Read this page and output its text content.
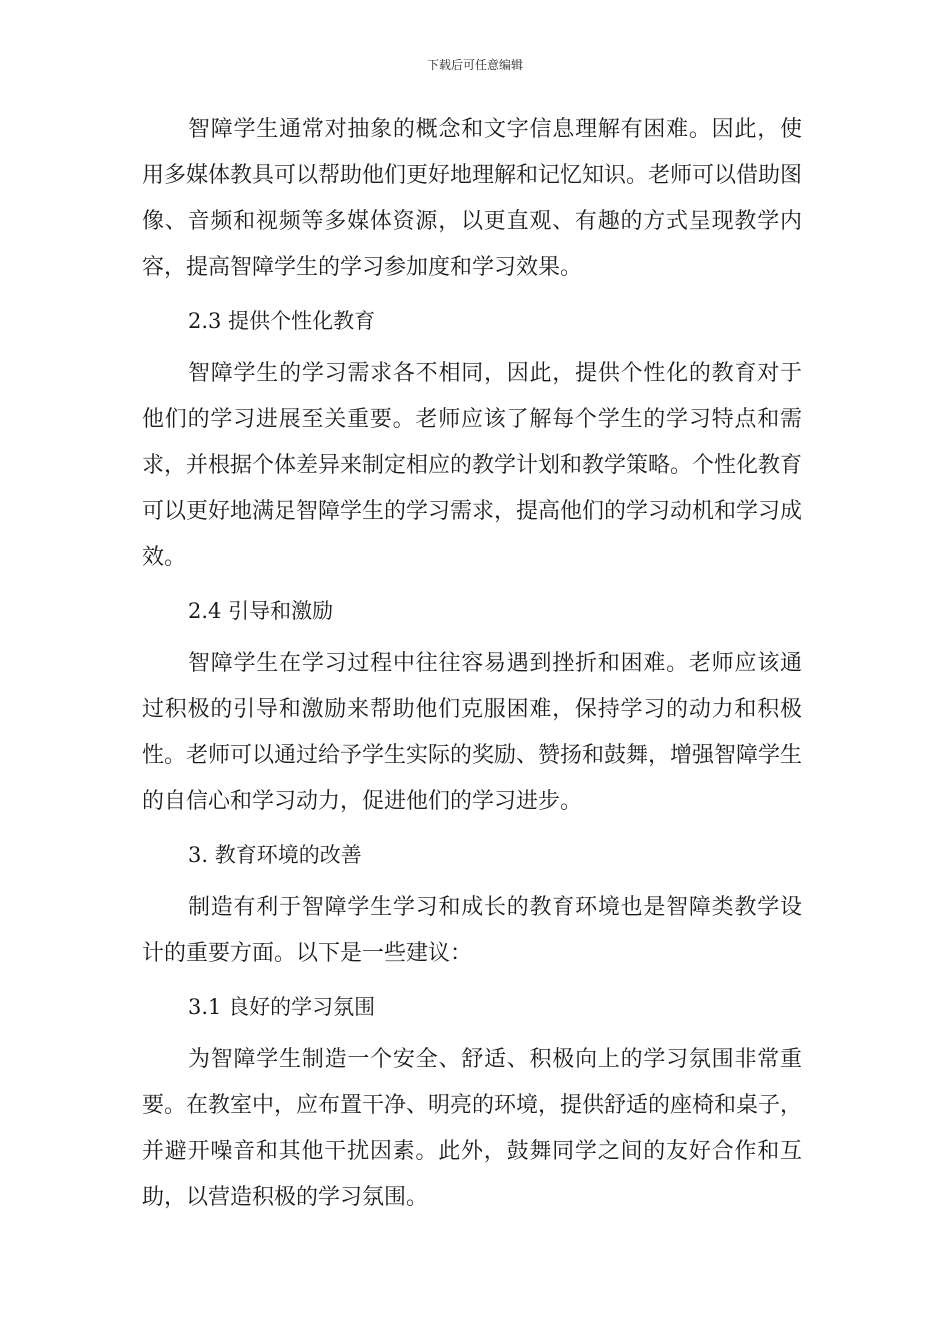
下载后可任意编辑

智障学生通常对抽象的概念和文字信息理解有困难。因此，使用多媒体教具可以帮助他们更好地理解和记忆知识。老师可以借助图像、音频和视频等多媒体资源，以更直观、有趣的方式呈现教学内容，提高智障学生的学习参加度和学习效果。

2.3 提供个性化教育

智障学生的学习需求各不相同，因此，提供个性化的教育对于他们的学习进展至关重要。老师应该了解每个学生的学习特点和需求，并根据个体差异来制定相应的教学计划和教学策略。个性化教育可以更好地满足智障学生的学习需求，提高他们的学习动机和学习成效。

2.4 引导和激励

智障学生在学习过程中往往容易遇到挫折和困难。老师应该通过积极的引导和激励来帮助他们克服困难，保持学习的动力和积极性。老师可以通过给予学生实际的奖励、赞扬和鼓舞，增强智障学生的自信心和学习动力，促进他们的学习进步。

3. 教育环境的改善

制造有利于智障学生学习和成长的教育环境也是智障类教学设计的重要方面。以下是一些建议：

3.1 良好的学习氛围

为智障学生制造一个安全、舒适、积极向上的学习氛围非常重要。在教室中，应布置干净、明亮的环境，提供舒适的座椅和桌子，并避开噪音和其他干扰因素。此外，鼓舞同学之间的友好合作和互助，以营造积极的学习氛围。
